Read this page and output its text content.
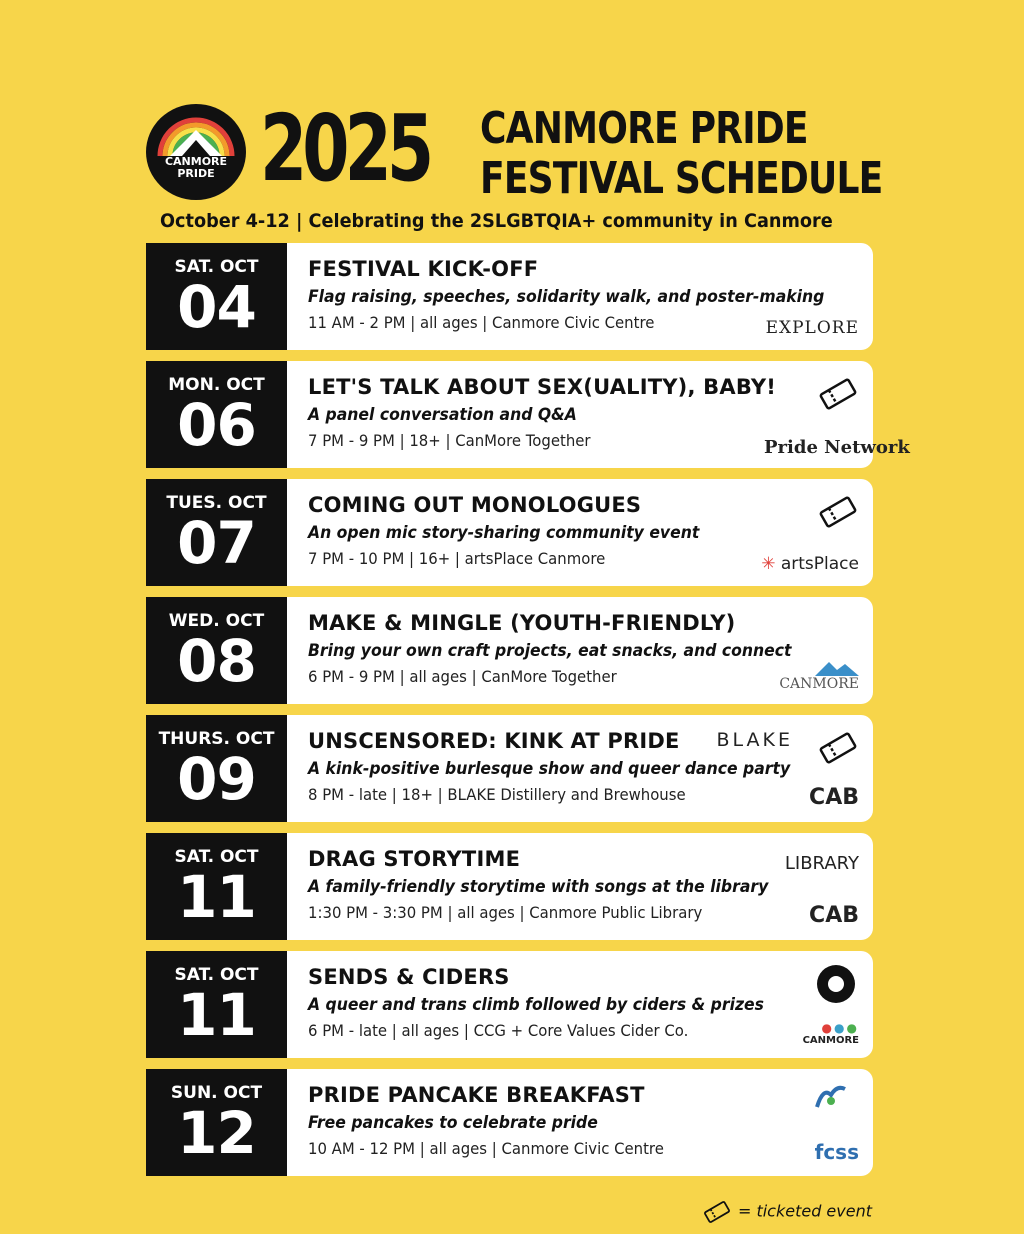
CANMORE
PRIDE 2025 CANMORE PRIDE
FESTIVAL SCHEDULE
October 4-12 | Celebrating the 2SLGBTQIA+ community in Canmore
SAT. OCT
04
FESTIVAL KICK-OFF
Flag raising, speeches, solidarity walk, and poster-making
11 AM - 2 PM | all ages | Canmore Civic Centre	EXPLORE
MON. OCT
06
LET'S TALK ABOUT SEX(UALITY), BABY!
A panel conversation and Q&A
7 PM - 9 PM | 18+ | CanMore Together	Pride Network
TUES. OCT
07
COMING OUT MONOLOGUES
An open mic story-sharing community event
7 PM - 10 PM | 16+ | artsPlace Canmore	✳ artsPlace
WED. OCT
08
MAKE & MINGLE (YOUTH-FRIENDLY)
Bring your own craft projects, eat snacks, and connect
6 PM - 9 PM | all ages | CanMore Together	CANMORE
THURS. OCT
09
UNSCENSORED: KINK AT PRIDE
A kink-positive burlesque show and queer dance party
8 PM - late | 18+ | BLAKE Distillery and Brewhouse
BLAKE
CAB
SAT. OCT
11
DRAG STORYTIME
A family-friendly storytime with songs at the library
1:30 PM - 3:30 PM | all ages | Canmore Public Library
LIBRARY
CAB
SAT. OCT
11
SENDS & CIDERS
A queer and trans climb followed by ciders & prizes
6 PM - late | all ages | CCG + Core Values Cider Co.	●●●
CANMORE
SUN. OCT
12
PRIDE PANCAKE BREAKFAST
Free pancakes to celebrate pride
10 AM - 12 PM | all ages | Canmore Civic Centre	fcss
= ticketed event
